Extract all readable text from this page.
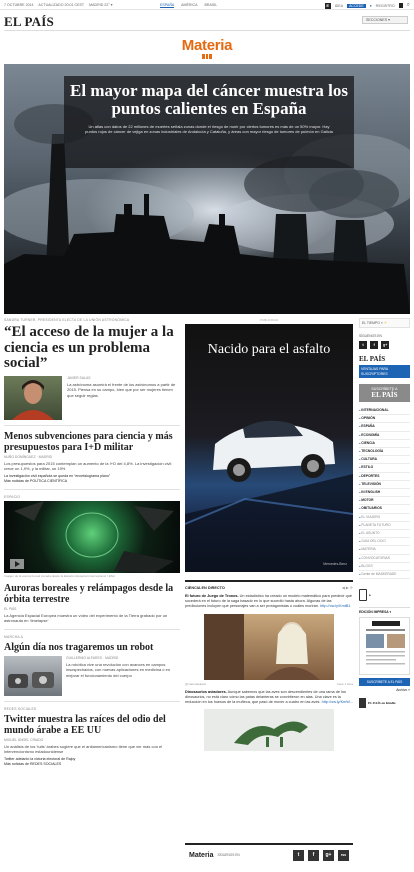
7 OCTUBRE 2014 ACTUALIZADO 20:01 CEST MADRID 22° ▾	ESPAÑA AMÉRICA BRASIL	E	IDEA	ACCEDE	● REGISTRO ⌕
EL PAÍS	SECCIONES ▾
Materia
El mayor mapa del cáncer muestra los puntos calientes en España
Un atlas con datos de 22 millones de muertes señala zonas donde el riesgo de morir por ciertos tumores es más de un 50% mayor. Hay puntos rojos de cáncer de vejiga en zonas industriales de Andalucía y Cataluña, y áreas con mayor riesgo de tumores de pulmón en Galicia
SANDRA TURNER, PRESIDENTA ELECTA DE LA UNIÓN ASTRONÓMICA
“El acceso de la mujer a la ciencia es un problema social”
JAVIER SALAS
La astrónoma asumirá el frente de los astrónomos a partir de 2015. Piensa en su campo, bien que por ser mujeres tienen que seguir reglas.
Menos subvenciones para ciencia y más presupuestos para I+D militar
NUÑO DOMÍNGUEZ · MADRID
Los presupuestos para 2015 contemplan un aumento de la I+D del 4,8%. La investigación civil crece un 1,9%, y la militar, un 19%
La investigación civil española se queda en “encefalograma plano”
Más noticias de POLÍTICA CIENTÍFICA
ESPACIO
Imagen de la aurora boreal tomada desde la Estación Espacial Internacional. / ESA
Auroras boreales y relámpagos desde la órbita terrestre
EL PAÍS
La Agencia Espacial Europea muestra un vídeo del experimento de la Tierra grabado por un astronauta en ‘timelapse’
MARCHA A
Algún día nos tragaremos un robot
GUILLERMO ALFARES · MADRID
La robótica vive una revolución con avances en campos insospechados, con nuevas aplicaciones en medicina o en mejorar el funcionamiento del cuerpo
REDES SOCIALES
Twitter muestra las raíces del odio del mundo árabe a EE UU
MIGUEL ÁNGEL CRIADO
Un análisis de los ‘tuits’ árabes sugiere que el antiamericanismo tiene que ver más con el intervencionismo estadounidense
Twitter adelantó la victoria electoral de Rajoy
Más noticias de REDES SOCIALES
PUBLICIDAD
Nacido para el asfalto
Mercedes-Benz
CIENCIA EN DIRECTO	◀ ▶ ⟳
El futuro de Juego de Tronos. Un estadístico ha creado un modelo matemático para predecir qué sucederá en el futuro de la saga basado en lo que sucedió hasta ahora. Algunas de las predicciones incluyen qué personajes van a ser protagonistas o cuáles morirán. http://ow.ly/KmtB1
@materiaelpais	hace 1 hora
Dinosaurios aviadores. Aunque sabemos que las aves son descendientes de una rama de los dinosaurios, no está claro cómo las patas delanteras se convirtieron en alas. Una clave es la reducción en los huesos de la muñeca, que pasó de mover a cuatro en las aves. http://ow.ly/KmW...
Materia SÍGUENOS EN	t	f	g+	rss
EL TIEMPO » ☀
SÍGUENOS EN
t f g+
EL PAÍS
VENTAJAS PARA SUSCRIPTORES
SUSCRÍBETE A
EL PAÍS
● INTERNACIONAL
● OPINIÓN
● ESPAÑA
● ECONOMÍA
● CIENCIA
● TECNOLOGÍA
● CULTURA
● ESTILO
● DEPORTES
● TELEVISIÓN
● IN ENGLISH
● MOTOR
● OBITUARIOS
● EL VIAJERO
● PLANETA FUTURO
● EL ASUNTO
● GUÍA DEL OCIO
● MATERIA
● CONVOCATORIAS
● BLOGS
● Gente de MASKERADE
▶
EDICIÓN IMPRESA ▾
SUSCRÍBETE A EL PAÍS
Archivo »
EL PAÍS en Kindle
